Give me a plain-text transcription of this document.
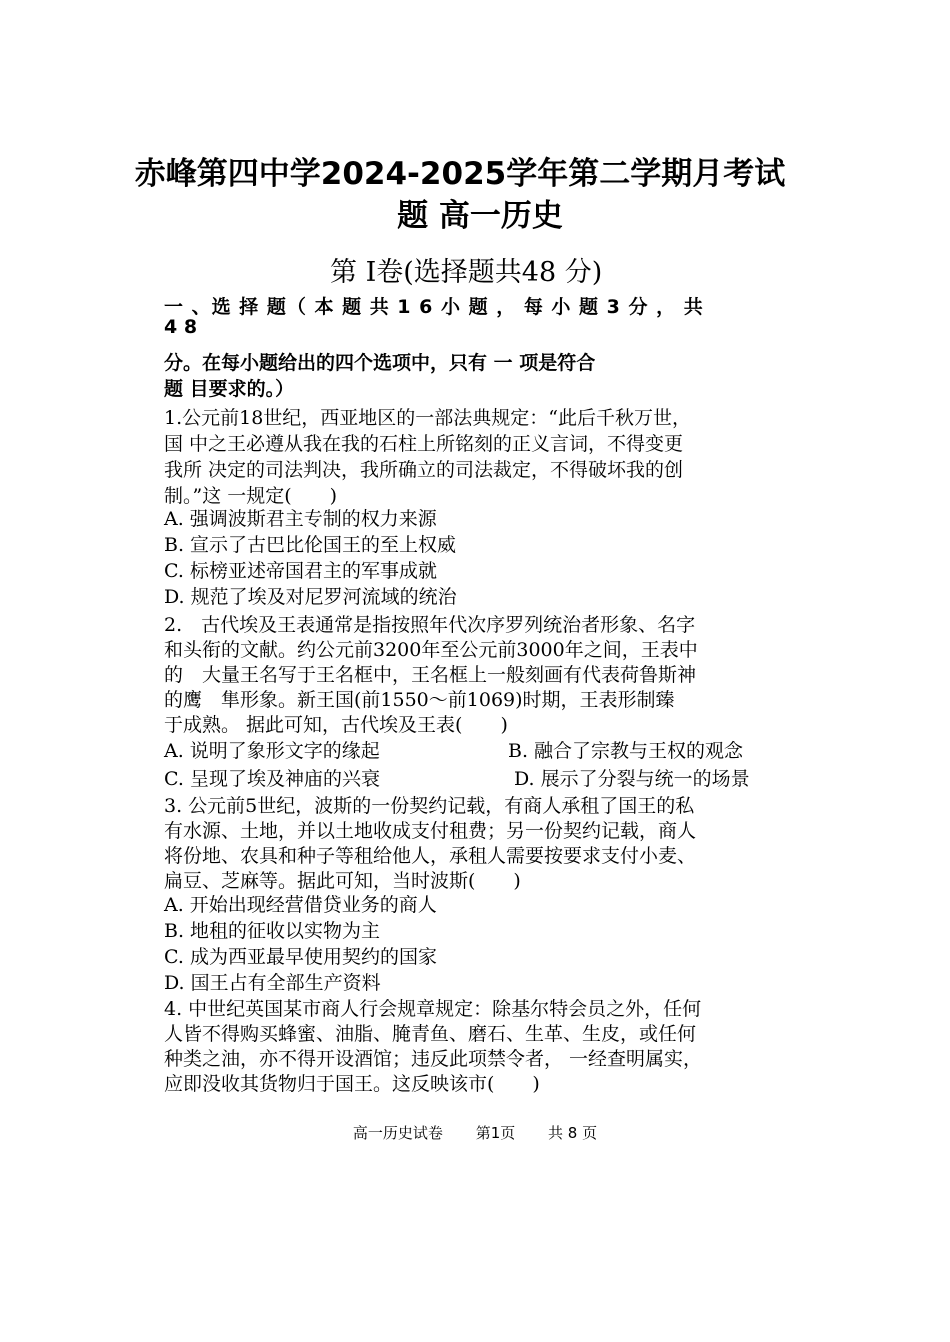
赤峰第四中学2024-2025学年第二学期月考试
题 高一历史
第 Ⅰ卷(选择题共48 分)
一 、选 择 题（ 本 题 共 1 6 小 题 ， 每 小 题 3 分 ， 共
4 8
分。在每小题给出的四个选项中，只有 一 项是符合
题 目要求的。）
1.公元前18世纪，西亚地区的一部法典规定：“此后千秋万世，
国 中之王必遵从我在我的石柱上所铭刻的正义言词，不得变更
我所 决定的司法判决，我所确立的司法裁定，不得破坏我的创
制。”这 一规定(　　)
A. 强调波斯君主专制的权力来源
B. 宣示了古巴比伦国王的至上权威
C. 标榜亚述帝国君主的军事成就
D. 规范了埃及对尼罗河流域的统治
2.　古代埃及王表通常是指按照年代次序罗列统治者形象、名字
和头衔的文献。约公元前3200年至公元前3000年之间，王表中
的　大量王名写于王名框中，王名框上一般刻画有代表荷鲁斯神
的鹰　隼形象。新王国(前1550～前1069)时期，王表形制臻
于成熟。 据此可知，古代埃及王表(　　)
A. 说明了象形文字的缘起	B. 融合了宗教与王权的观念
C. 呈现了埃及神庙的兴衰	D. 展示了分裂与统一的场景
3. 公元前5世纪，波斯的一份契约记载，有商人承租了国王的私
有水源、土地，并以土地收成支付租费；另一份契约记载，商人
将份地、农具和种子等租给他人，承租人需要按要求支付小麦、
扁豆、芝麻等。据此可知，当时波斯(　　)
A. 开始出现经营借贷业务的商人
B. 地租的征收以实物为主
C. 成为西亚最早使用契约的国家
D. 国王占有全部生产资料
4. 中世纪英国某市商人行会规章规定：除基尔特会员之外，任何
人皆不得购买蜂蜜、油脂、腌青鱼、磨石、生革、生皮，或任何
种类之油，亦不得开设酒馆；违反此项禁令者， 一经查明属实，
应即没收其货物归于国王。这反映该市(　　)
高一历史试卷 第1页 共 8 页
